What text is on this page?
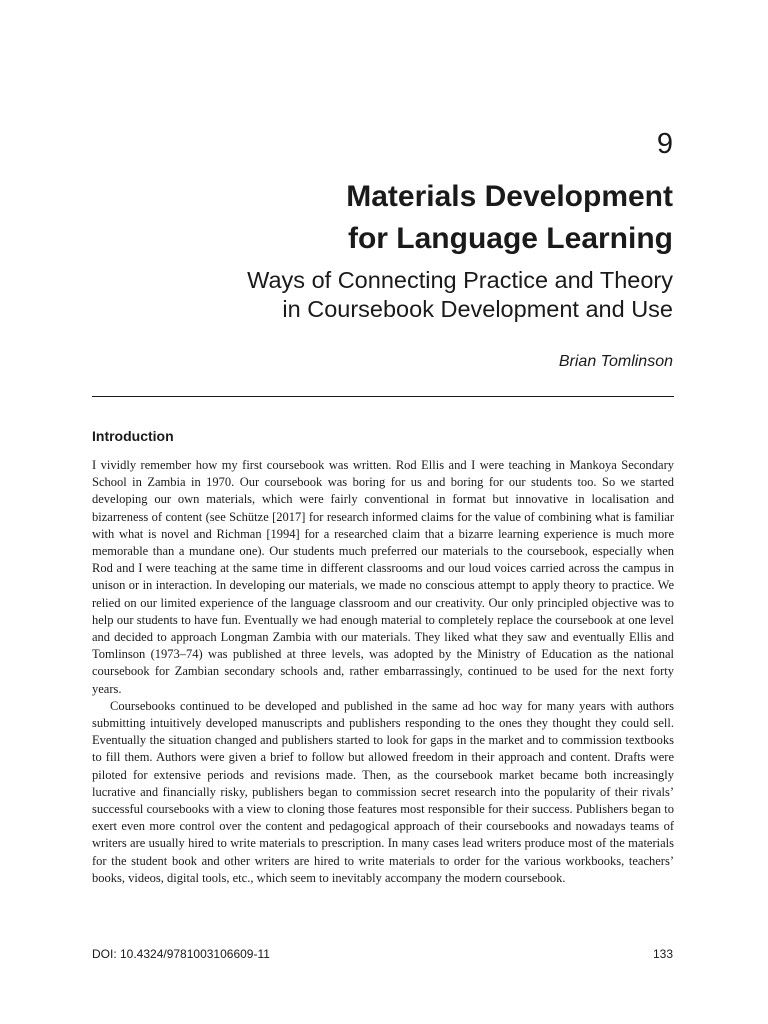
9
Materials Development
for Language Learning
Ways of Connecting Practice and Theory
in Coursebook Development and Use
Brian Tomlinson
Introduction

I vividly remember how my first coursebook was written. Rod Ellis and I were teaching in Mankoya Secondary School in Zambia in 1970. Our coursebook was boring for us and boring for our students too. So we started developing our own materials, which were fairly conventional in format but innovative in localisation and bizarreness of content (see Schütze [2017] for research informed claims for the value of combining what is familiar with what is novel and Richman [1994] for a researched claim that a bizarre learning experience is much more memorable than a mundane one). Our students much preferred our materials to the coursebook, especially when Rod and I were teaching at the same time in different classrooms and our loud voices carried across the campus in unison or in interaction. In developing our materials, we made no conscious attempt to apply theory to practice. We relied on our limited experience of the language classroom and our creativity. Our only principled objective was to help our students to have fun. Eventually we had enough material to completely replace the coursebook at one level and decided to approach Longman Zambia with our materials. They liked what they saw and eventually Ellis and Tomlinson (1973–74) was published at three levels, was adopted by the Ministry of Education as the national coursebook for Zambian secondary schools and, rather embarrassingly, continued to be used for the next forty years.

Coursebooks continued to be developed and published in the same ad hoc way for many years with authors submitting intuitively developed manuscripts and publishers responding to the ones they thought they could sell. Eventually the situation changed and publishers started to look for gaps in the market and to commission textbooks to fill them. Authors were given a brief to follow but allowed freedom in their approach and content. Drafts were piloted for extensive periods and revisions made. Then, as the coursebook market became both increasingly lucrative and financially risky, publishers began to commission secret research into the popularity of their rivals’ successful coursebooks with a view to cloning those features most responsible for their success. Publishers began to exert even more control over the content and pedagogical approach of their coursebooks and nowadays teams of writers are usually hired to write materials to prescription. In many cases lead writers produce most of the materials for the student book and other writers are hired to write materials to order for the various workbooks, teachers’ books, videos, digital tools, etc., which seem to inevitably accompany the modern coursebook.

DOI: 10.4324/9781003106609-11	133
